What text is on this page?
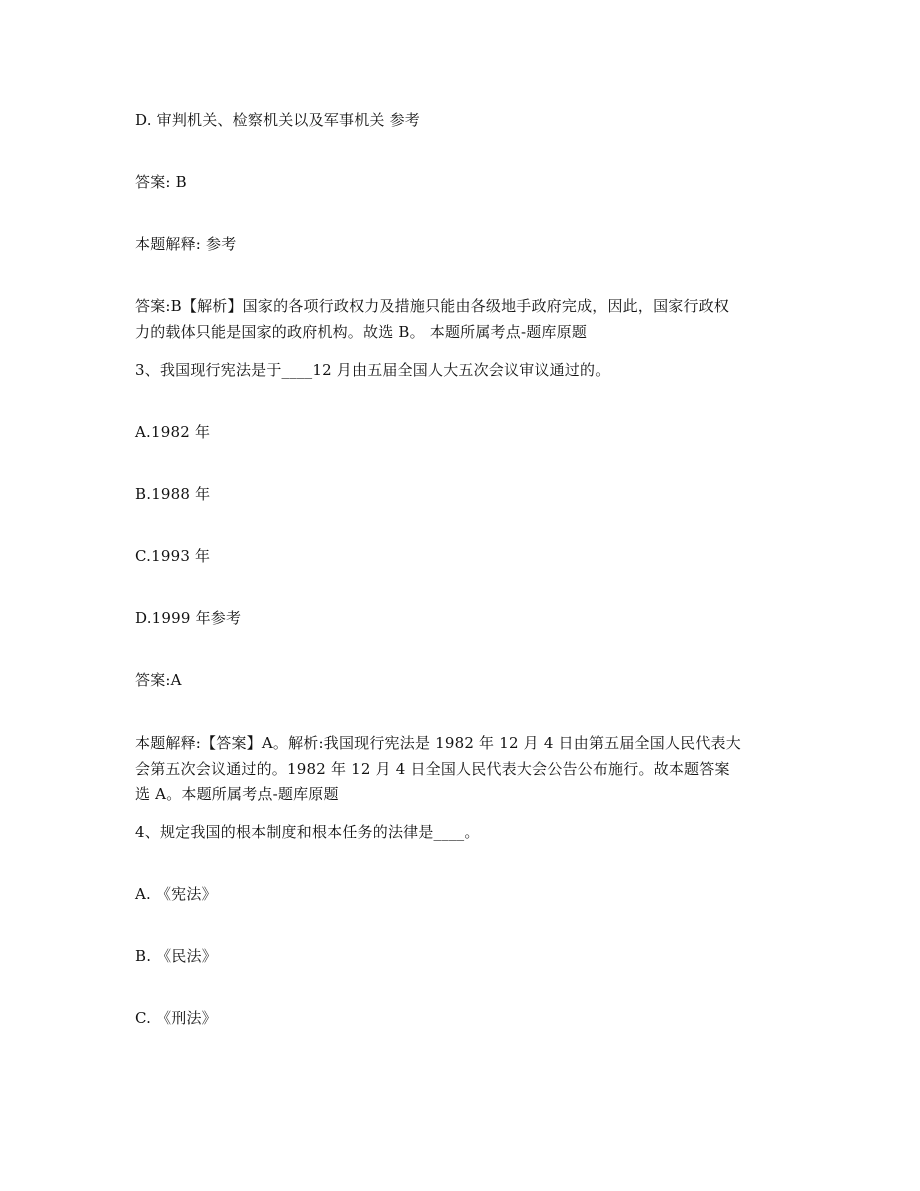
D. 审判机关、检察机关以及军事机关 参考
答案: B
本题解释: 参考
答案:B【解析】国家的各项行政权力及措施只能由各级地手政府完成，因此，国家行政权
力的载体只能是国家的政府机构。故选 B。 本题所属考点-题库原题
3、我国现行宪法是于____12 月由五届全国人大五次会议审议通过的。
A.1982 年
B.1988 年
C.1993 年
D.1999 年参考
答案:A
本题解释:【答案】A。解析:我国现行宪法是 1982 年 12 月 4 日由第五届全国人民代表大
会第五次会议通过的。1982 年 12 月 4 日全国人民代表大会公告公布施行。故本题答案
选 A。本题所属考点-题库原题
4、规定我国的根本制度和根本任务的法律是____。
A. 《宪法》
B. 《民法》
C. 《刑法》
